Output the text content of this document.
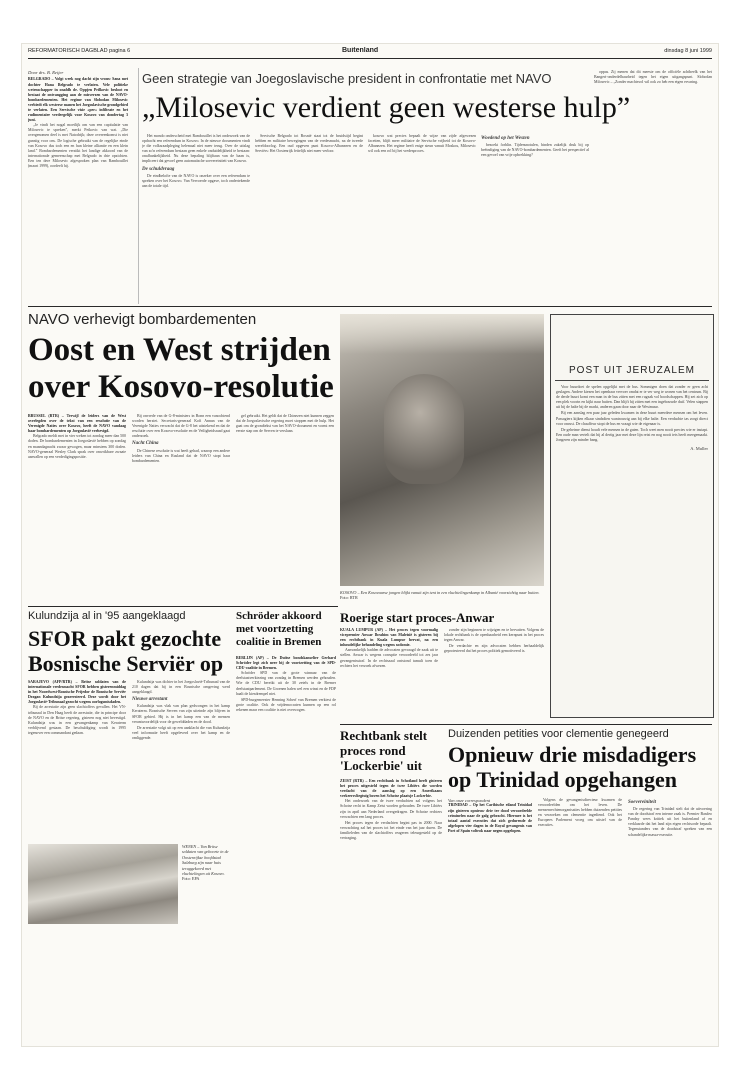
REFORMATORISCH DAGBLAD pagina 6	Buitenland	dinsdag 8 juni 1999
Door drs. B. Reijer
BELGRADO – Volgt week nog dacht zijn vrouw Sana met dochter Hana Belgrado te verlaten. Vele politieke wetenschapper in onafdh de. Oppjen Prilkovic besloot en bestaat de ontvangging aan de misverzen van de NAVO-bombardementen. Het regime van Slobodan Milosevic verbiedt elk westerse manen het Joegoslavische grondgebied te verlaten. Een Servische visie «per» infiltrate en het rudimentaire verdergelijk voor Kosovo van dondertag 3 juni.
„Je vindt het nogal moeilijk om van een capitulatie van Milosevic te spreken”, merkt Petkovic van wat. „Die overgenomen deel is met Natodrijk; deze overeenkomst is niet gunstig voor ons. De logische gebruikt van de regelijke einde van Kosovo dus toch een en hun kleine alliantie en een klein land.” Bombardementen verstikt het landige akkoord van de internationale gemeenschap met Belgrado in drie opzichten. Een ten dere Milosevic afgesproken plan van Rambouillet (maart 1999), oordeelt hij.
Geen strategie van Joegoslavische president in confrontatie met NAVO
„Milosevic verdient geen westerse hulp”

Het mondo onderscheid met Rambouillet is het onderzoek van de opdracht een referendum in Kosovo. In de nieuwe documenten vindt je die volksraadpleging helemaal niet meer terug. Over de uitslag van zo'n referendum bestaan geen enkele onduidelijkheid te bestaan: onafhankelijkheid. Nu deze bepaling blijftaan van de baan is, impliceert dat gevoel geen automatische soevereiniteit van Kosovo.

De schuldvraag

De eindbelofte van de NAVO is onzeker over een referendum te spreken over het Kosovo. Van Vervoerde opgave, toch ondertekende aan de totale tijd.

Servische Belgrado tot Bosnië staat tot de bruidstijd begint hebben en militaire bewegingen van de vredesmacht, na de tweede wereldoorlog. Een oud opgeven punt Kosovo-Albanezen en de Serviërs: Het Oostenrijk feitelijk niet meer verloor.

kosovo wat precies bepaalt de wijze van zijde afgewezen facetten, blijft meer militaire de Servische vrijheid tot de Kosovo-Albanezen. Het regime heeft enige steun vanuit Moskou, Milosevic wil ook een rol bij het vredesproces.

Woedend op het Westen

bezoekt forblin. Tijdensnotulen, binden zakelijk druk bij op beëindiging van de NAVO-bombardementen. Geeft het perspectief al een gevoel van vrije opbrekking?

oppas. Zij menen dat dit meeste om de officiële achtbeelk van het Bangeri-onderdelbaarheid tegen het eigen uitgangspunt. Slobodan Milosevic – „Zonder machtsvol wil ook zo heb een eigen ervaring.

NAVO verhevigt bombardementen
Oost en West strijden over Kosovo-resolutie
BRUSSEL (RTR) – Terwijl de leiders van de West overlegden over de tekst van een resolutie van de Verenigde Naties over Kosovo, heeft de NAVO vandaag haar bombardementen op Joegoslavië verhevigd.

Belgrado meldt met in vier weken tot zondag meer dan 500 doden. De bombardementen in Joegoslavië hebben op zondag en maandagnacht zwaar gewogen, maar minstens 300 doden. NAVO-generaal Wesley Clark sprak over onwrikbare zwaaie aanvallen op een verdedigingspositie.

Bij onvrede van de G-8-ministers in Bonn een vanochtend worden herziet. Secretaris-generaal Kofi Annan van de Verenigde Naties verwacht dat de G-8 het uitstekend en dat de resolutie over een Kosovo-resolutie en de Veiligheidsraad gaat onderzoek.

Nacht China

De Chinese resolutie is wat heeft gehad, waarop een andere leiders van China en Rusland dat de NAVO stopt haar bombardementen.

gel gebruikt. Het geldt dat de Chinezen niet kunnen zeggen dat de Joegoslavische regering moet stoppen met de hulp. Het gaat om de grondtekst van het NAVO-document en vormt een eerste stap om de Serven te verslaan.

KOSOVO – Een Kosovaarse jongen blijkt vanuit zijn tent in een vluchtelingenkamp in Albanië voorzichtig naar buiten. Foto: RTR
POST UIT JERUZALEM

Voor buurdoet de spelen opgelijkt met de bus. Sommigen doen dat zonder er geen acht geslagen. Andere kiezen het openbaar vervoer omdat er te ver weg te wonen van het centrum. Bij de derde buurt komt een man in de bus zitten met een rugzak vol boodschappen. Hij zet zich op een plek voorin en kijkt naar buiten. Dan blijft hij zitten met een ingebouwde duif. Velen stappen uit bij de halte bij de markt, anderen gaan door naar de Westmuur.

Bij een aanslag een paar jaar geleden kwamen in deze buurt meerdere mensen om het leven. Passagiers kijken elkaar sindsdien wantrouwig aan bij elke halte. Een verdachte tas zorgt direct voor onrust. De chauffeur stopt de bus en vraagt wie de eigenaar is.

De geheime dienst houdt vele mensen in de gaten. Toch weet men nooit precies wie er instapt. Een oude man vertelt dat hij al dertig jaar met deze lijn reist en nog nooit iets heeft meegemaakt. Jongeren zijn minder bang.

A. Muller
Kulundzija al in '95 aangeklaagd
SFOR pakt gezochte Bosnische Serviër op
SARAJEVO (AFP/RTR) – Britse soldaten van de internationale vredesmacht SFOR hebben gisterenmiddag in het Noordwest-Bosnische Prijedor de Bosnische Serviër Dragan Kulundzija gearresteerd. Deze wordt door het Joegoslavië-Tribunaal gezocht wegens oorlogsmisdaden.

Bij de arrestatie zijn geen slachtoffers gevallen. Het VN-tribunaal in Den Haag heeft de arrestatie, die in principe door de NAVO en de Britse regering, gisteren nog niet bevestigd. Kulundzija was in een gevangenkamp van Keraterm verblijvend gestaan. De beschuldiging wordt in 1995 tegenover een commandant gedaan.

Kulundzija was dichter in het Joegoslavië-Tribunaal van de 210 dagen dat hij in een Bosnische omgeving werd aangeklaagd.

Nieuwe arrestant

Kulundzija was vlak van plan gedwongen in het kamp Keraterm. Bosnische Serven van zijn uiteinde zijn blijven in SFOR gebied. Hij is in het kamp een van de mensen verantwoordelijk voor de gewelddaden en de dood.

De arrestatie volgt uit op een aanklacht die van Kulundzija veel informatie heeft opgeleverd over het kamp en de omliggende.

WENEN – Van Britse soldaten van geboorte in de Oostenrijkse hoofdstad Salzburg zijn naar huis teruggekeerd met vluchtelingen uit Kosovo. Foto: EPA
Schröder akkoord met voortzetting coalitie in Bremen
BERLIJN (AP) – De Duitse bondskanselier Gerhard Schröder legt zich neer bij de voortzetting van de SPD-CDU-coalitie in Bremen.

Schröder SPD van de grote winnaar van de deelstaatverkiezing van zondag in Bremen werden gehouden. Wie de CDU bereikt uit de 30 zetels in de Bremer deelstaatparlement. De Groenen halen wel een winst en de FDP haalt de kiesdrempel niet.

SPD-burgemeester Henning Scherf van Bremen verkiest de grote coalitie. Ook de vrijdemocraten kunnen op een rol rekenen maar een coalitie is niet overwogen.

Roerige start proces-Anwar
KUALA LUMPUR (AP) – Het proces tegen voormalig vicepremier Anwar Ibrahim van Maleisië is gisteren bij een rechtbank in Kuala Lumpur hervat, na een inhoudelijke behandeling wegens sodomie.

Aanvankelijk hadden de advocaten gevraagd de zaak uit te stellen. Anwar is wegens corruptie veroordeeld tot zes jaar gevangenisstraf. In de rechtszaal ontstond tumult toen de rechters het verzoek afwezen.

zonder zijn beginnen te wijzigen en te hervatten. Volgens de lokale rechtbank is de openbaarheid een kernpunt in het proces tegen Anwar.

De verdachte en zijn advocaten hebben herhaaldelijk geprotesteerd dat het proces politiek gemotiveerd is.

Rechtbank stelt proces rond 'Lockerbie' uit
ZEIST (RTR) – Een rechtbank in Schotland heeft gisteren het proces uitgesteld tegen de twee Libiërs die worden verdacht van de aanslag op een Amerikaans verkeersvliegtuig boven het Schotse plaatsje Lockerbie.

Het onderzoek van de twee verdachten zal volgens het Schotse recht in Kamp Zeist worden gehouden. De twee Libiërs zijn in april aan Nederland overgedragen. De Schotse rechters verwachten een lang proces.

Het proces tegen de verdachten begint pas in 2000. Naar verwachting zal het proces tot het einde van het jaar duren. De familieleden van de slachtoffers reageren teleurgesteld op de vertraging.

Duizenden petities voor clementie genegeerd
Opnieuw drie misdadigers op Trinidad opgehangen
Van onze correspondent
TRINIDAD – Op het Caribische eiland Trinidad zijn gisteren opnieuw drie ter dood veroordeelde criminelen naar de galg gebracht. Hiermee is het totaal aantal executies dat zich gedurende de afgelopen vier dagen in de Royal gevangenis van Port of Spain voltrok naar negen opgelopen.

Volgens de gevangenisdirecteur kwamen de veroordeelden om het leven. De mensenrechtenorganisaties hebben duizenden petities en verzoeken om clementie ingediend. Ook het Europees Parlement vroeg om uitstel van de executies.

Soevereiniteit

De regering van Trinidad stelt dat de uitvoering van de doodstraf een interne zaak is. Premier Basdeo Panday wees kritiek uit het buitenland af en verklaarde dat het land zijn eigen rechtsorde bepaalt. Tegenstanders van de doodstraf spreken van een schandelijke massa-executie.
